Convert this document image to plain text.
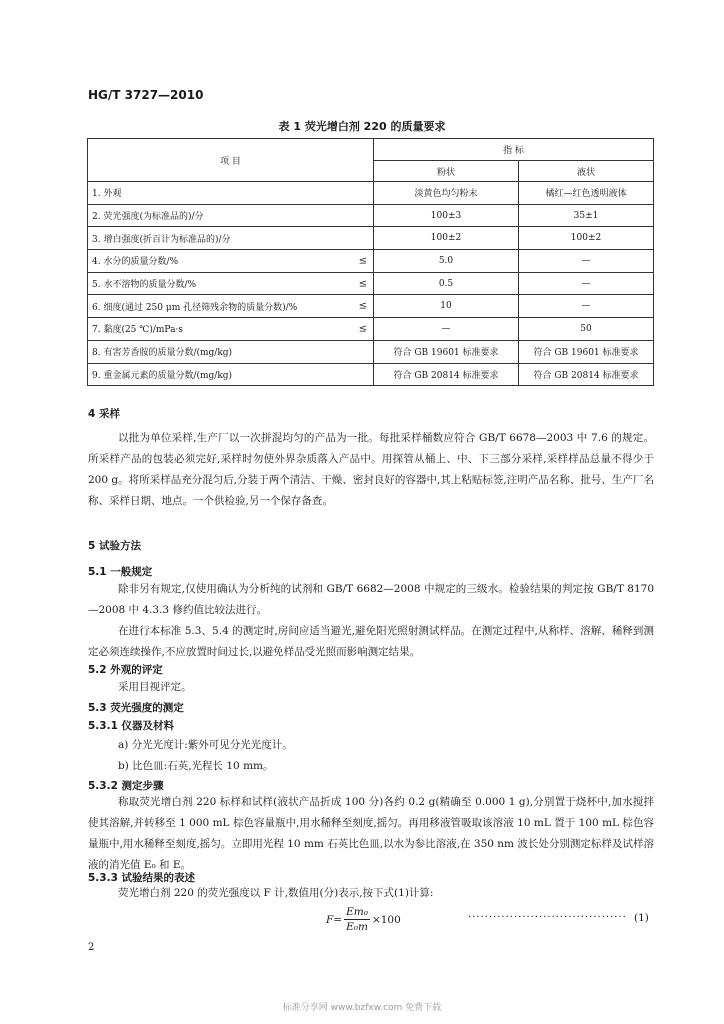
HG/T 3727—2010
表 1 荧光增白剂 220 的质量要求
项 目	指 标	
	粉状	液状
1. 外观	淡黄色均匀粉末	橘红—红色透明液体
2. 荧光强度(为标准品的)/分	100±3	35±1
3. 增白强度(折百计为标准品的)/分	100±2	100±2
4. 水分的质量分数/% ≤	5.0	—
5. 水不溶物的质量分数/% ≤	0.5	—
6. 细度(通过 250 μm 孔径筛残余物的质量分数)/% ≤	10	—
7. 黏度(25 ℃)/mPa·s ≤	—	50
8. 有害芳香胺的质量分数/(mg/kg)	符合 GB 19601 标准要求	符合 GB 19601 标准要求
9. 重金属元素的质量分数/(mg/kg)	符合 GB 20814 标准要求	符合 GB 20814 标准要求
4 采样

以批为单位采样,生产厂以一次拼混均匀的产品为一批。每批采样桶数应符合 GB/T 6678—2003 中 7.6 的规定。所采样产品的包装必须完好,采样时勿使外界杂质落入产品中。用探管从桶上、中、下三部分采样,采样样品总量不得少于 200 g。将所采样品充分混匀后,分装于两个清洁、干燥、密封良好的容器中,其上粘贴标签,注明产品名称、批号、生产厂名称、采样日期、地点。一个供检验,另一个保存备查。

5 试验方法
5.1 一般规定

除非另有规定,仅使用确认为分析纯的试剂和 GB/T 6682—2008 中规定的三级水。检验结果的判定按 GB/T 8170—2008 中 4.3.3 修约值比较法进行。

在进行本标准 5.3、5.4 的测定时,房间应适当避光,避免阳光照射测试样品。在测定过程中,从称样、溶解、稀释到测定必须连续操作,不应放置时间过长,以避免样品受光照而影响测定结果。

5.2 外观的评定

采用目视评定。

5.3 荧光强度的测定
5.3.1 仪器及材料
a) 分光光度计:紫外可见分光光度计。
b) 比色皿:石英,光程长 10 mm。
5.3.2 测定步骤

称取荧光增白剂 220 标样和试样(液状产品折成 100 分)各约 0.2 g(精确至 0.000 1 g),分别置于烧杯中,加水搅拌使其溶解,并转移至 1 000 mL 棕色容量瓶中,用水稀释至刻度,摇匀。再用移液管吸取该溶液 10 mL 置于 100 mL 棕色容量瓶中,用水稀释至刻度,摇匀。立即用光程 10 mm 石英比色皿,以水为参比溶液,在 350 nm 波长处分别测定标样及试样溶液的消光值 E₀ 和 E。

5.3.3 试验结果的表述

荧光增白剂 220 的荧光强度以 F 计,数值用(分)表示,按下式(1)计算:

$F= \frac{\text{Em₀}}{\text{E₀m}} \times 100$	······································ (1)
2
标准分享网 www.bzfxw.com 免费下载
